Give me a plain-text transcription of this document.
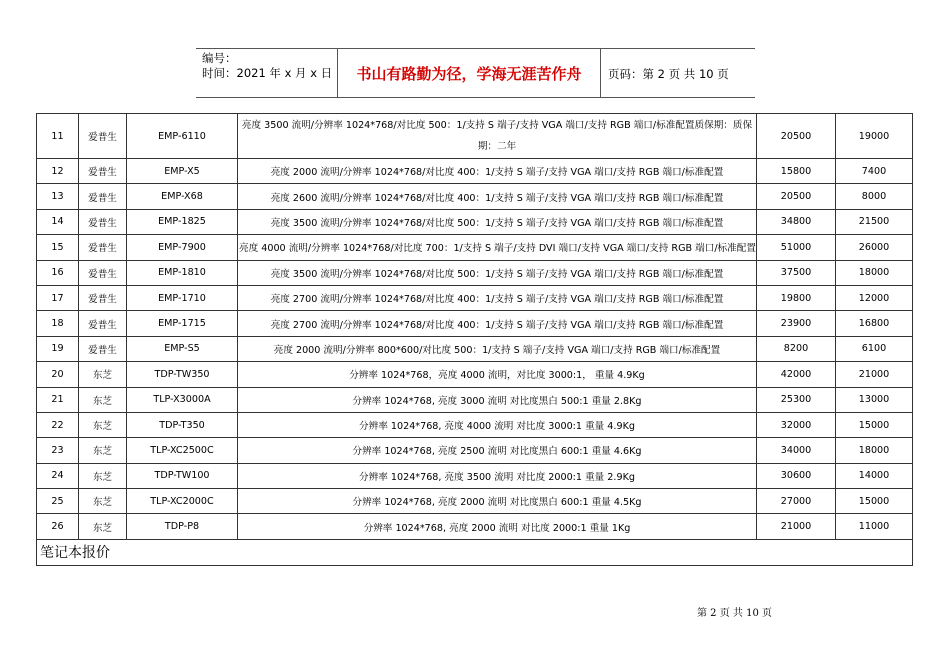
编号：
时间：2021 年 x 月 x 日	书山有路勤为径，学海无涯苦作舟	页码：第 2 页 共 10 页
11	爱普生	EMP-6110	亮度 3500 流明/分辨率 1024*768/对比度 500：1/支持 S 端子/支持 VGA 端口/支持 RGB 端口/标准配置质保期：质保期：二年	20500	19000
12	爱普生	EMP-X5	亮度 2000 流明/分辨率 1024*768/对比度 400：1/支持 S 端子/支持 VGA 端口/支持 RGB 端口/标准配置	15800	7400
13	爱普生	EMP-X68	亮度 2600 流明/分辨率 1024*768/对比度 400：1/支持 S 端子/支持 VGA 端口/支持 RGB 端口/标准配置	20500	8000
14	爱普生	EMP-1825	亮度 3500 流明/分辨率 1024*768/对比度 500：1/支持 S 端子/支持 VGA 端口/支持 RGB 端口/标准配置	34800	21500
15	爱普生	EMP-7900	亮度 4000 流明/分辨率 1024*768/对比度 700：1/支持 S 端子/支持 DVI 端口/支持 VGA 端口/支持 RGB 端口/标准配置	51000	26000
16	爱普生	EMP-1810	亮度 3500 流明/分辨率 1024*768/对比度 500：1/支持 S 端子/支持 VGA 端口/支持 RGB 端口/标准配置	37500	18000
17	爱普生	EMP-1710	亮度 2700 流明/分辨率 1024*768/对比度 400：1/支持 S 端子/支持 VGA 端口/支持 RGB 端口/标准配置	19800	12000
18	爱普生	EMP-1715	亮度 2700 流明/分辨率 1024*768/对比度 400：1/支持 S 端子/支持 VGA 端口/支持 RGB 端口/标准配置	23900	16800
19	爱普生	EMP-S5	亮度 2000 流明/分辨率 800*600/对比度 500：1/支持 S 端子/支持 VGA 端口/支持 RGB 端口/标准配置	8200	6100
20	东芝	TDP-TW350	分辨率 1024*768，亮度 4000 流明，对比度 3000:1， 重量 4.9Kg	42000	21000
21	东芝	TLP-X3000A	分辨率 1024*768, 亮度 3000 流明 对比度黑白 500:1 重量 2.8Kg	25300	13000
22	东芝	TDP-T350	分辨率 1024*768, 亮度 4000 流明 对比度 3000:1 重量 4.9Kg	32000	15000
23	东芝	TLP-XC2500C	分辨率 1024*768, 亮度 2500 流明 对比度黑白 600:1 重量 4.6Kg	34000	18000
24	东芝	TDP-TW100	分辨率 1024*768, 亮度 3500 流明 对比度 2000:1 重量 2.9Kg	30600	14000
25	东芝	TLP-XC2000C	分辨率 1024*768, 亮度 2000 流明 对比度黑白 600:1 重量 4.5Kg	27000	15000
26	东芝	TDP-P8	分辨率 1024*768, 亮度 2000 流明 对比度 2000:1 重量 1Kg	21000	11000
笔记本报价					
第 2 页 共 10 页
